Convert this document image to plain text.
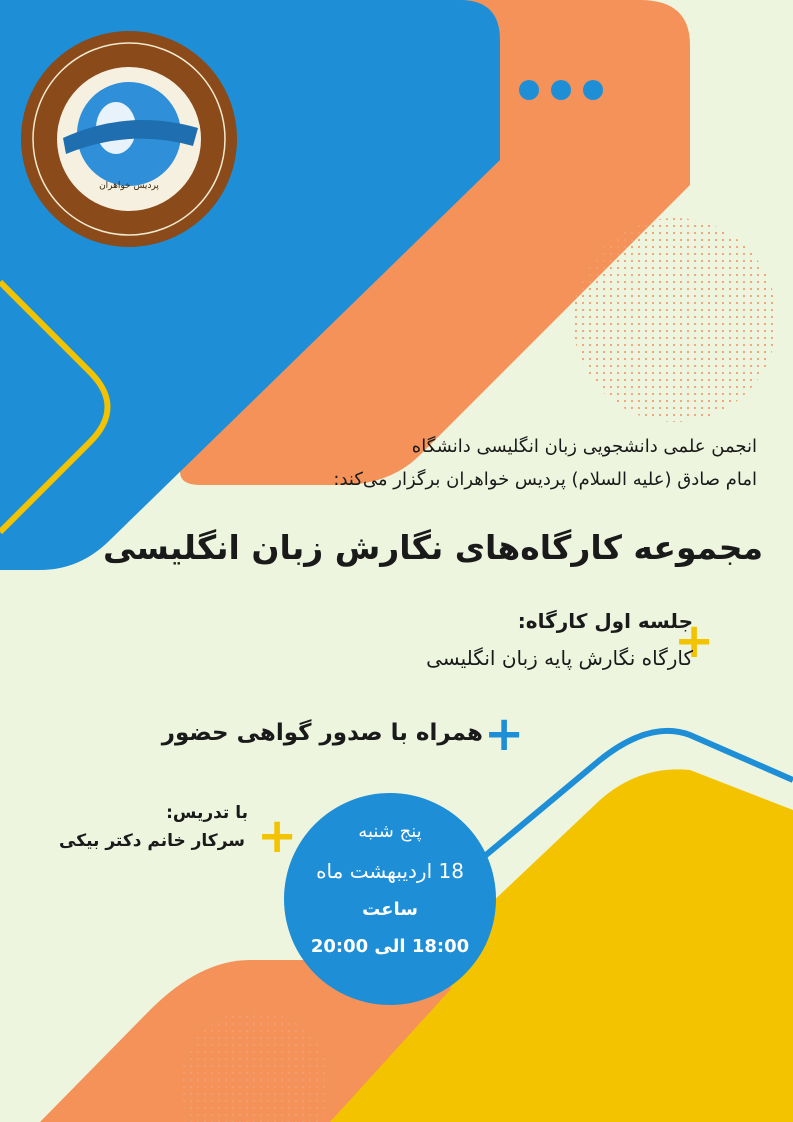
پردیس خواهران
انجمن علمی دانشجویی زبان انگلیسی دانشگاه
امام صادق (علیه السلام) پردیس خواهران برگزار می‌کند:
مجموعه کارگاه‌های نگارش زبان انگلیسی
+
جلسه اول کارگاه:
کارگاه نگارش پایه زبان انگلیسی
+
همراه با صدور گواهی حضور
+
با تدریس:
سرکار خانم دکتر بیکی	پنج شنبه
18 اردیبهشت ماه
ساعت
18:00 الی 20:00
